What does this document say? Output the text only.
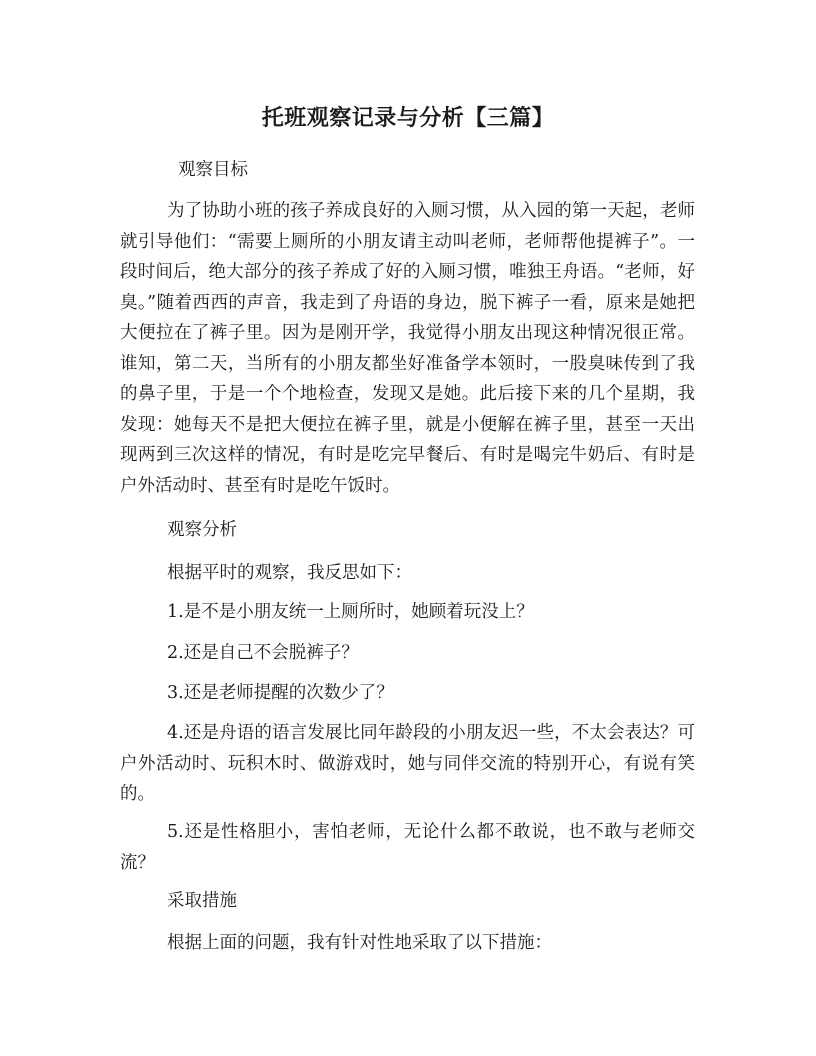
托班观察记录与分析【三篇】

观察目标

为了协助小班的孩子养成良好的入厕习惯，从入园的第一天起，老师就引导他们：“需要上厕所的小朋友请主动叫老师，老师帮他提裤子”。一段时间后，绝大部分的孩子养成了好的入厕习惯，唯独王舟语。“老师，好臭。”随着西西的声音，我走到了舟语的身边，脱下裤子一看，原来是她把大便拉在了裤子里。因为是刚开学，我觉得小朋友出现这种情况很正常。谁知，第二天，当所有的小朋友都坐好准备学本领时，一股臭味传到了我的鼻子里，于是一个个地检查，发现又是她。此后接下来的几个星期，我发现：她每天不是把大便拉在裤子里，就是小便解在裤子里，甚至一天出现两到三次这样的情况，有时是吃完早餐后、有时是喝完牛奶后、有时是户外活动时、甚至有时是吃午饭时。

观察分析

根据平时的观察，我反思如下：

1.是不是小朋友统一上厕所时，她顾着玩没上？

2.还是自己不会脱裤子？

3.还是老师提醒的次数少了？

4.还是舟语的语言发展比同年龄段的小朋友迟一些，不太会表达？可户外活动时、玩积木时、做游戏时，她与同伴交流的特别开心，有说有笑的。

5.还是性格胆小，害怕老师，无论什么都不敢说，也不敢与老师交流？

采取措施

根据上面的问题，我有针对性地采取了以下措施：
